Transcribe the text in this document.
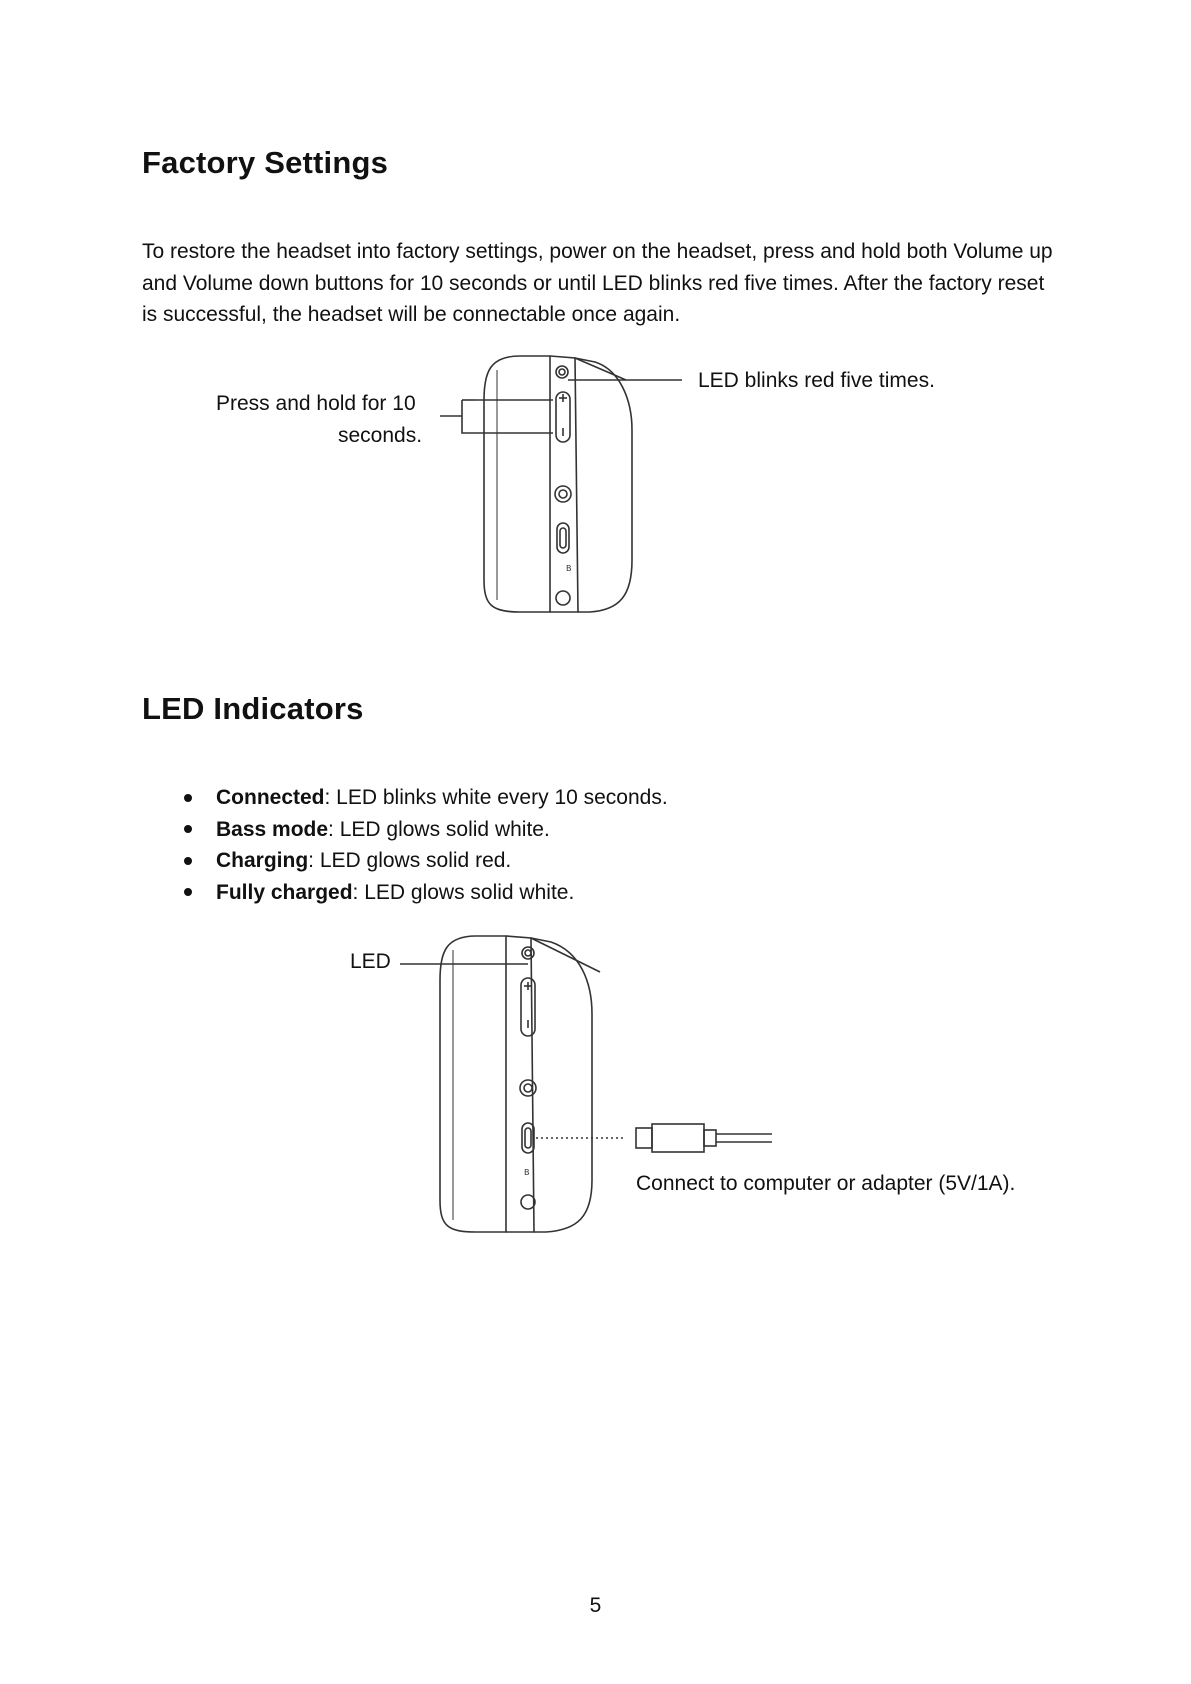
Factory Settings
To restore the headset into factory settings, power on the headset, press and hold both Volume up and Volume down buttons for 10 seconds or until LED blinks red five times. After the factory reset is successful, the headset will be connectable once again.
B
Press and hold for 10
seconds.
LED blinks red five times.
LED Indicators
Connected: LED blinks white every 10 seconds.
Bass mode: LED glows solid white.
Charging: LED glows solid red.
Fully charged: LED glows solid white.
B
LED
Connect to computer or adapter (5V/1A).
5
